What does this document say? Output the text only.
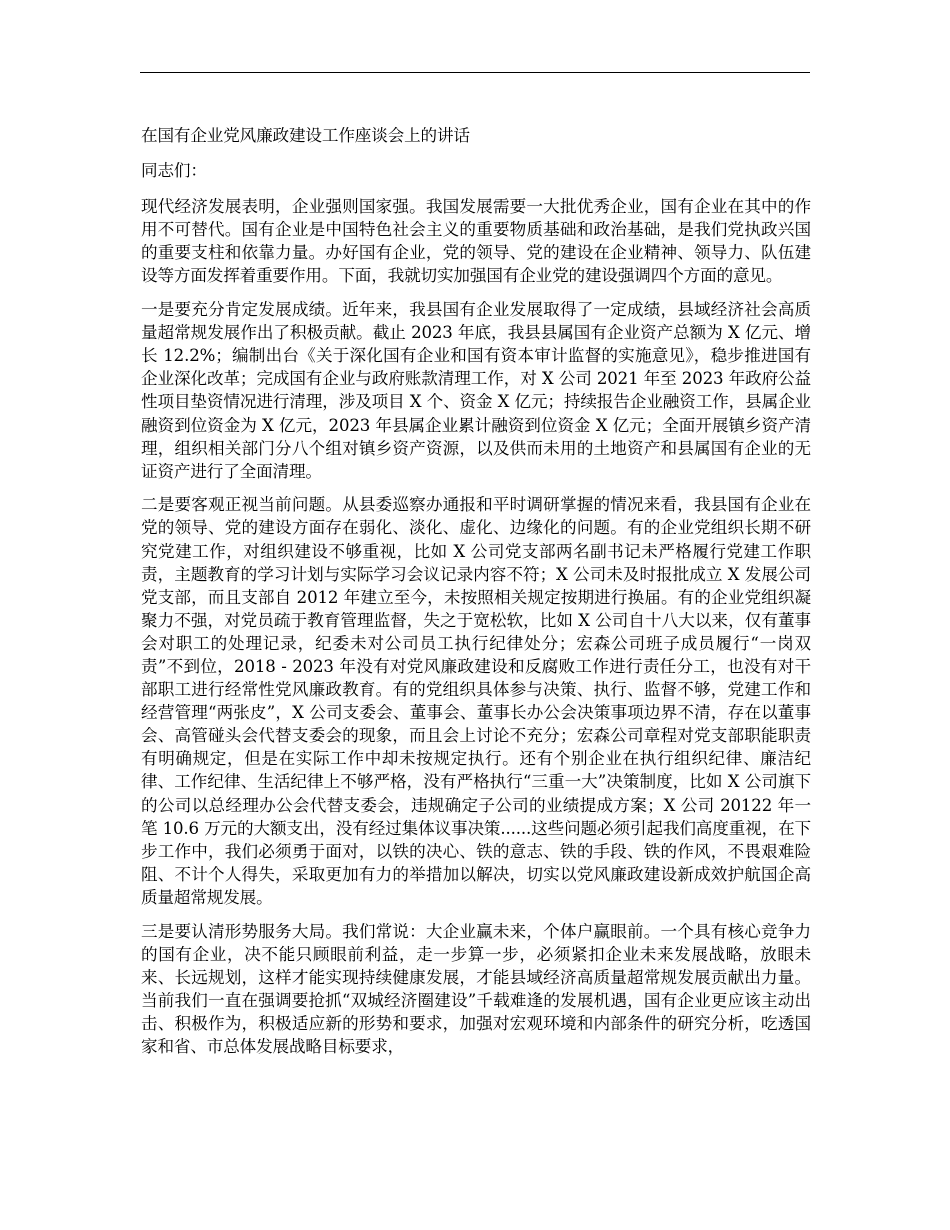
在国有企业党风廉政建设工作座谈会上的讲话

同志们：

现代经济发展表明，企业强则国家强。我国发展需要一大批优秀企业，国有企业在其中的作用不可替代。国有企业是中国特色社会主义的重要物质基础和政治基础，是我们党执政兴国的重要支柱和依靠力量。办好国有企业，党的领导、党的建设在企业精神、领导力、队伍建设等方面发挥着重要作用。下面，我就切实加强国有企业党的建设强调四个方面的意见。

一是要充分肯定发展成绩。近年来，我县国有企业发展取得了一定成绩，县域经济社会高质量超常规发展作出了积极贡献。截止 2023 年底，我县县属国有企业资产总额为 X 亿元、增长 12.2%；编制出台《关于深化国有企业和国有资本审计监督的实施意见》，稳步推进国有企业深化改革；完成国有企业与政府账款清理工作，对 X 公司 2021 年至 2023 年政府公益性项目垫资情况进行清理，涉及项目 X 个、资金 X 亿元；持续报告企业融资工作，县属企业融资到位资金为 X 亿元，2023 年县属企业累计融资到位资金 X 亿元；全面开展镇乡资产清理，组织相关部门分八个组对镇乡资产资源，以及供而未用的土地资产和县属国有企业的无证资产进行了全面清理。

二是要客观正视当前问题。从县委巡察办通报和平时调研掌握的情况来看，我县国有企业在党的领导、党的建设方面存在弱化、淡化、虚化、边缘化的问题。有的企业党组织长期不研究党建工作，对组织建设不够重视，比如 X 公司党支部两名副书记未严格履行党建工作职责，主题教育的学习计划与实际学习会议记录内容不符；X 公司未及时报批成立 X 发展公司党支部，而且支部自 2012 年建立至今，未按照相关规定按期进行换届。有的企业党组织凝聚力不强，对党员疏于教育管理监督，失之于宽松软，比如 X 公司自十八大以来，仅有董事会对职工的处理记录，纪委未对公司员工执行纪律处分；宏森公司班子成员履行“一岗双责”不到位，2018 - 2023 年没有对党风廉政建设和反腐败工作进行责任分工，也没有对干部职工进行经常性党风廉政教育。有的党组织具体参与决策、执行、监督不够，党建工作和经营管理“两张皮”，X 公司支委会、董事会、董事长办公会决策事项边界不清，存在以董事会、高管碰头会代替支委会的现象，而且会上讨论不充分；宏森公司章程对党支部职能职责有明确规定，但是在实际工作中却未按规定执行。还有个别企业在执行组织纪律、廉洁纪律、工作纪律、生活纪律上不够严格，没有严格执行“三重一大”决策制度，比如 X 公司旗下的公司以总经理办公会代替支委会，违规确定子公司的业绩提成方案；X 公司 20122 年一笔 10.6 万元的大额支出，没有经过集体议事决策......这些问题必须引起我们高度重视，在下步工作中，我们必须勇于面对，以铁的决心、铁的意志、铁的手段、铁的作风，不畏艰难险阻、不计个人得失，采取更加有力的举措加以解决，切实以党风廉政建设新成效护航国企高质量超常规发展。

三是要认清形势服务大局。我们常说：大企业赢未来，个体户赢眼前。一个具有核心竞争力的国有企业，决不能只顾眼前利益，走一步算一步，必须紧扣企业未来发展战略，放眼未来、长远规划，这样才能实现持续健康发展，才能县域经济高质量超常规发展贡献出力量。当前我们一直在强调要抢抓“双城经济圈建设”千载难逢的发展机遇，国有企业更应该主动出击、积极作为，积极适应新的形势和要求，加强对宏观环境和内部条件的研究分析，吃透国家和省、市总体发展战略目标要求，
